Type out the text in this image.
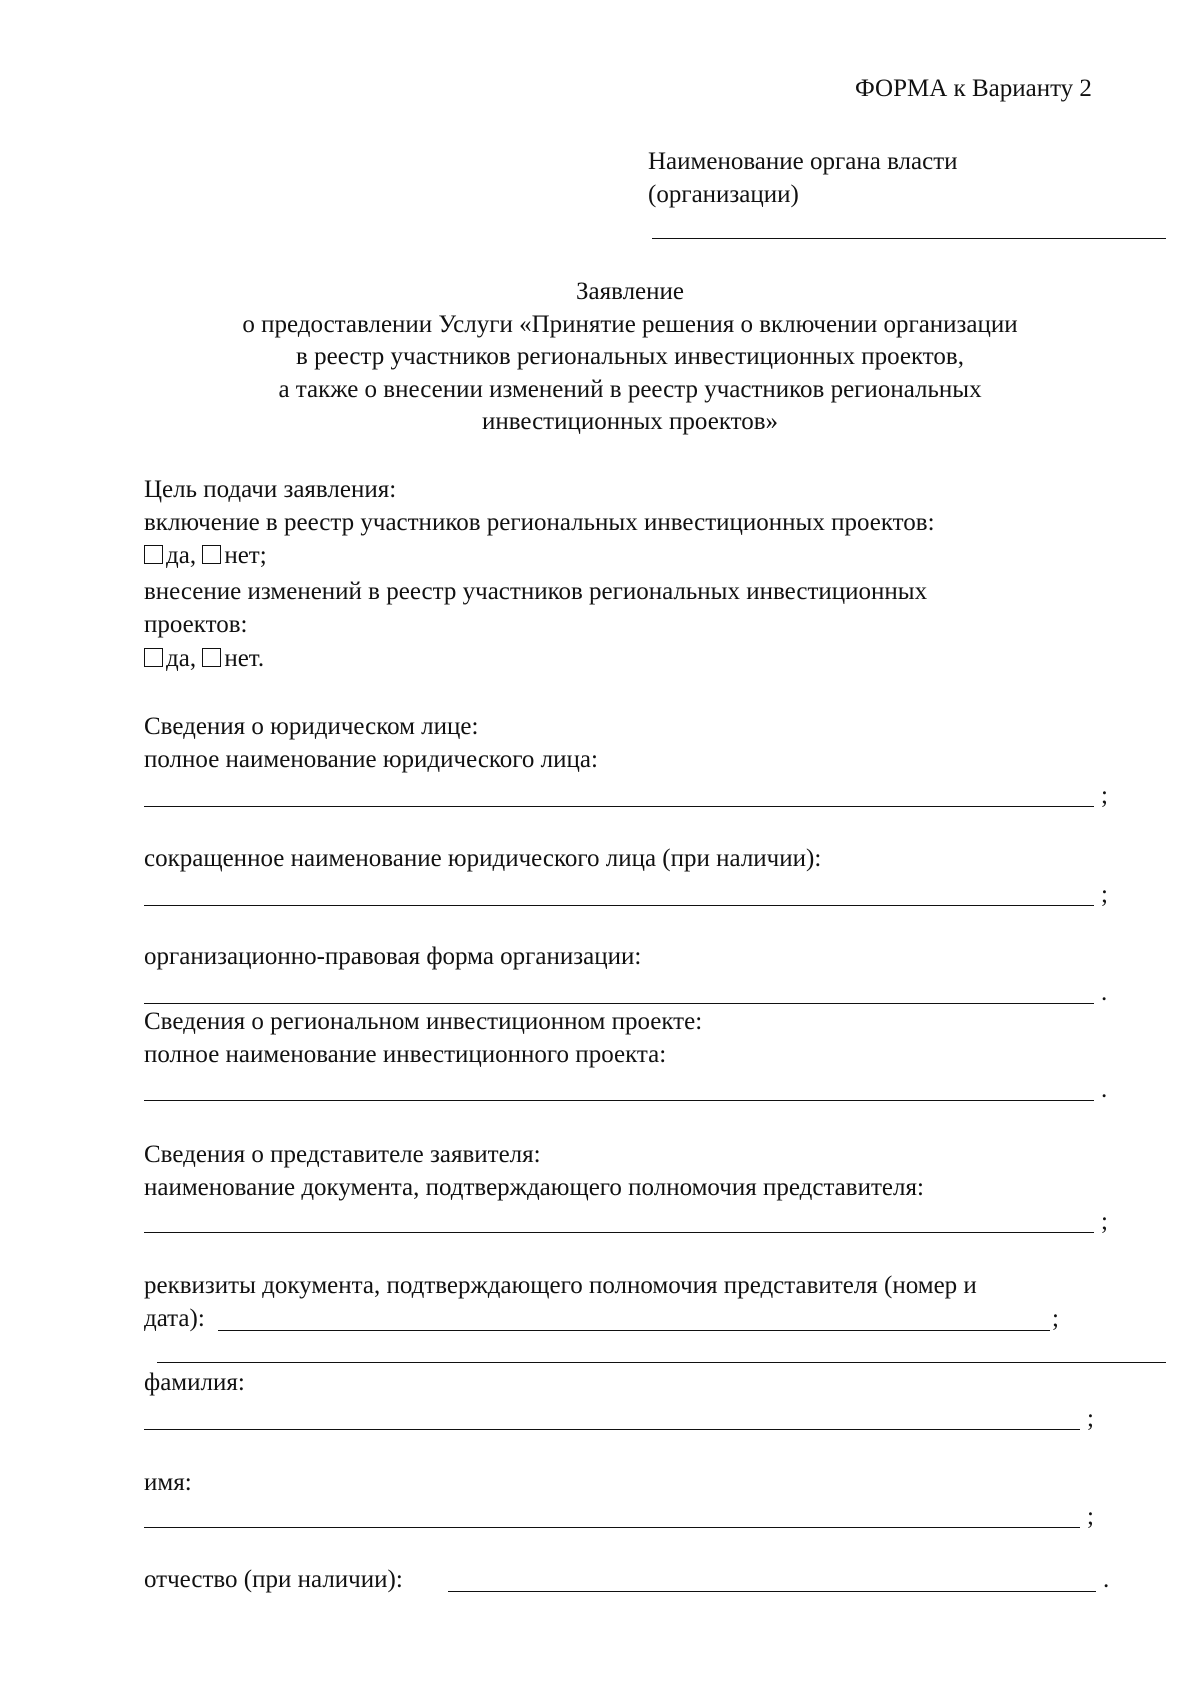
ФОРМА к Варианту 2
Наименование органа власти
(организации)
Заявление
о предоставлении Услуги «Принятие решения о включении организации
в реестр участников региональных инвестиционных проектов,
а также о внесении изменений в реестр участников региональных
инвестиционных проектов»
Цель подачи заявления:
включение в реестр участников региональных инвестиционных проектов:
да, нет;
внесение изменений в реестр участников региональных инвестиционных
проектов:
да, нет.
Сведения о юридическом лице:
полное наименование юридического лица:
;
сокращенное наименование юридического лица (при наличии):
;
организационно-правовая форма организации:
.
Сведения о региональном инвестиционном проекте:
полное наименование инвестиционного проекта:
.
Сведения о представителе заявителя:
наименование документа, подтверждающего полномочия представителя:
;
реквизиты документа, подтверждающего полномочия представителя (номер и
дата):	;
фамилия:
;
имя:
;
отчество (при наличии):	.
